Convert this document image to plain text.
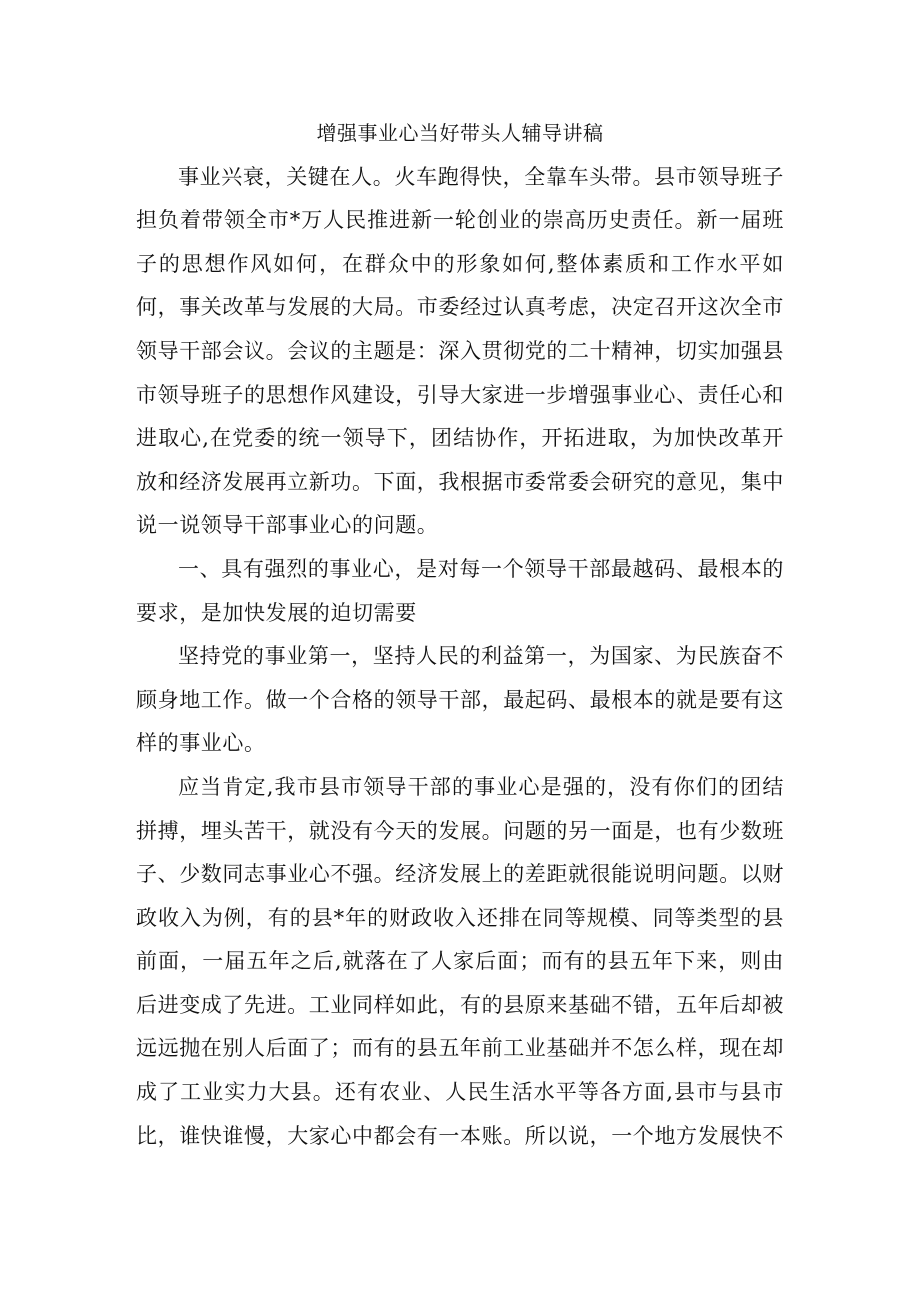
增强事业心当好带头人辅导讲稿

事业兴衰，关键在人。火车跑得快，全靠车头带。县市领导班子担负着带领全市*万人民推进新一轮创业的崇高历史责任。新一届班子的思想作风如何，在群众中的形象如何,整体素质和工作水平如何，事关改革与发展的大局。市委经过认真考虑，决定召开这次全市领导干部会议。会议的主题是：深入贯彻党的二十精神，切实加强县市领导班子的思想作风建设，引导大家进一步增强事业心、责任心和进取心,在党委的统一领导下，团结协作，开拓进取，为加快改革开放和经济发展再立新功。下面，我根据市委常委会研究的意见，集中说一说领导干部事业心的问题。

一、具有强烈的事业心，是对每一个领导干部最越码、最根本的要求，是加快发展的迫切需要

坚持党的事业第一，坚持人民的利益第一，为国家、为民族奋不顾身地工作。做一个合格的领导干部，最起码、最根本的就是要有这样的事业心。

应当肯定,我市县市领导干部的事业心是强的，没有你们的团结拼搏，埋头苦干，就没有今天的发展。问题的另一面是，也有少数班子、少数同志事业心不强。经济发展上的差距就很能说明问题。以财政收入为例，有的县*年的财政收入还排在同等规模、同等类型的县前面，一届五年之后,就落在了人家后面；而有的县五年下来，则由后进变成了先进。工业同样如此，有的县原来基础不错，五年后却被远远抛在别人后面了；而有的县五年前工业基础并不怎么样，现在却成了工业实力大县。还有农业、人民生活水平等各方面,县市与县市比，谁快谁慢，大家心中都会有一本账。所以说，一个地方发展快不
